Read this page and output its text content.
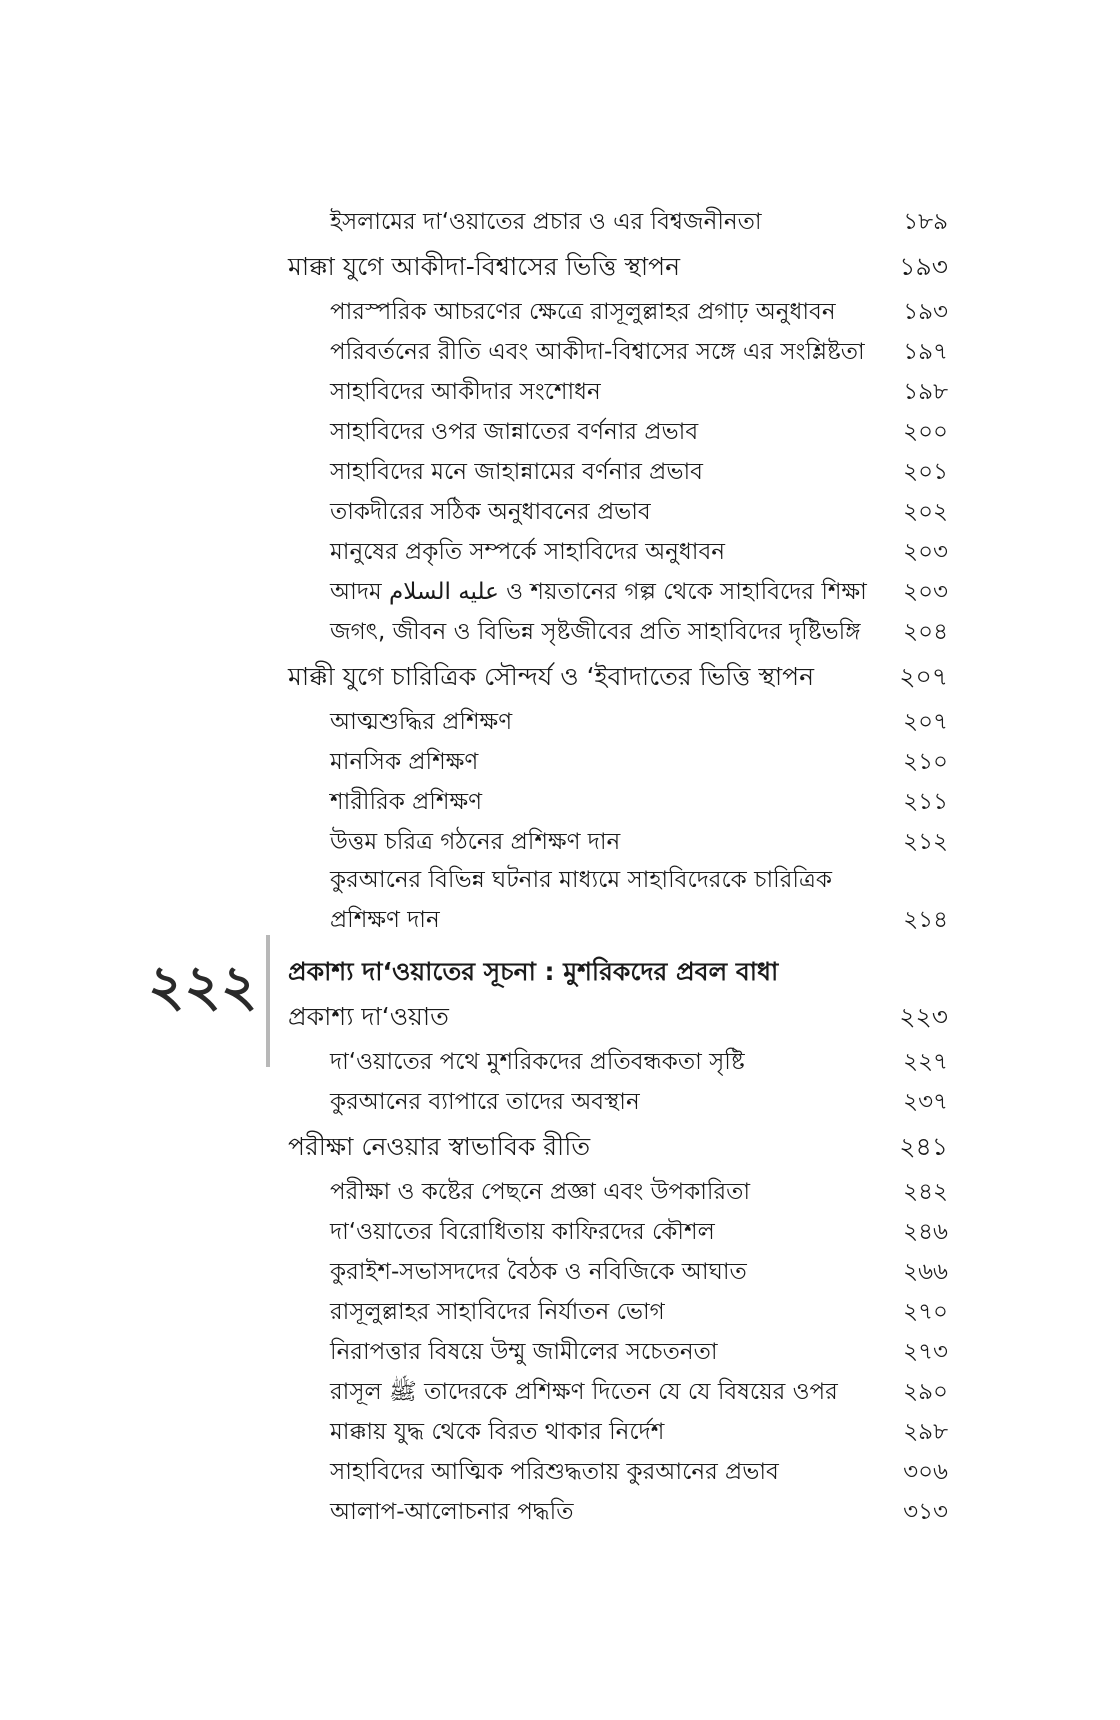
ইসলামের দা‘ওয়াতের প্রচার ও এর বিশ্বজনীনতা	১৮৯
মাক্কা যুগে আকীদা-বিশ্বাসের ভিত্তি স্থাপন	১৯৩
পারস্পরিক আচরণের ক্ষেত্রে রাসূলুল্লাহর প্রগাঢ় অনুধাবন	১৯৩
পরিবর্তনের রীতি এবং আকীদা-বিশ্বাসের সঙ্গে এর সংশ্লিষ্টতা ১৯৭
সাহাবিদের আকীদার সংশোধন	১৯৮
সাহাবিদের ওপর জান্নাতের বর্ণনার প্রভাব	২০০
সাহাবিদের মনে জাহান্নামের বর্ণনার প্রভাব	২০১
তাকদীরের সঠিক অনুধাবনের প্রভাব	২০২
মানুষের প্রকৃতি সম্পর্কে সাহাবিদের অনুধাবন	২০৩
আদম عليه السلام ও শয়তানের গল্প থেকে সাহাবিদের শিক্ষা ২০৩
জগৎ, জীবন ও বিভিন্ন সৃষ্টজীবের প্রতি সাহাবিদের দৃষ্টিভঙ্গি ২০৪
মাক্কী যুগে চারিত্রিক সৌন্দর্য ও ‘ইবাদাতের ভিত্তি স্থাপন	২০৭
আত্মশুদ্ধির প্রশিক্ষণ	২০৭
মানসিক প্রশিক্ষণ	২১০
শারীরিক প্রশিক্ষণ	২১১
উত্তম চরিত্র গঠনের প্রশিক্ষণ দান	২১২
কুরআনের বিভিন্ন ঘটনার মাধ্যমে সাহাবিদেরকে চারিত্রিক
প্রশিক্ষণ দান	২১৪
২২২ প্রকাশ্য দা‘ওয়াতের সূচনা : মুশরিকদের প্রবল বাধা
প্রকাশ্য দা‘ওয়াত	২২৩
দা‘ওয়াতের পথে মুশরিকদের প্রতিবন্ধকতা সৃষ্টি	২২৭
কুরআনের ব্যাপারে তাদের অবস্থান	২৩৭
পরীক্ষা নেওয়ার স্বাভাবিক রীতি	২৪১
পরীক্ষা ও কষ্টের পেছনে প্রজ্ঞা এবং উপকারিতা	২৪২
দা‘ওয়াতের বিরোধিতায় কাফিরদের কৌশল	২৪৬
কুরাইশ-সভাসদদের বৈঠক ও নবিজিকে আঘাত	২৬৬
রাসূলুল্লাহর সাহাবিদের নির্যাতন ভোগ	২৭০
নিরাপত্তার বিষয়ে উম্মু জামীলের সচেতনতা	২৭৩
রাসূল ﷺ তাদেরকে প্রশিক্ষণ দিতেন যে যে বিষয়ের ওপর	২৯০
মাক্কায় যুদ্ধ থেকে বিরত থাকার নির্দেশ	২৯৮
সাহাবিদের আত্মিক পরিশুদ্ধতায় কুরআনের প্রভাব	৩০৬
আলাপ-আলোচনার পদ্ধতি	৩১৩
